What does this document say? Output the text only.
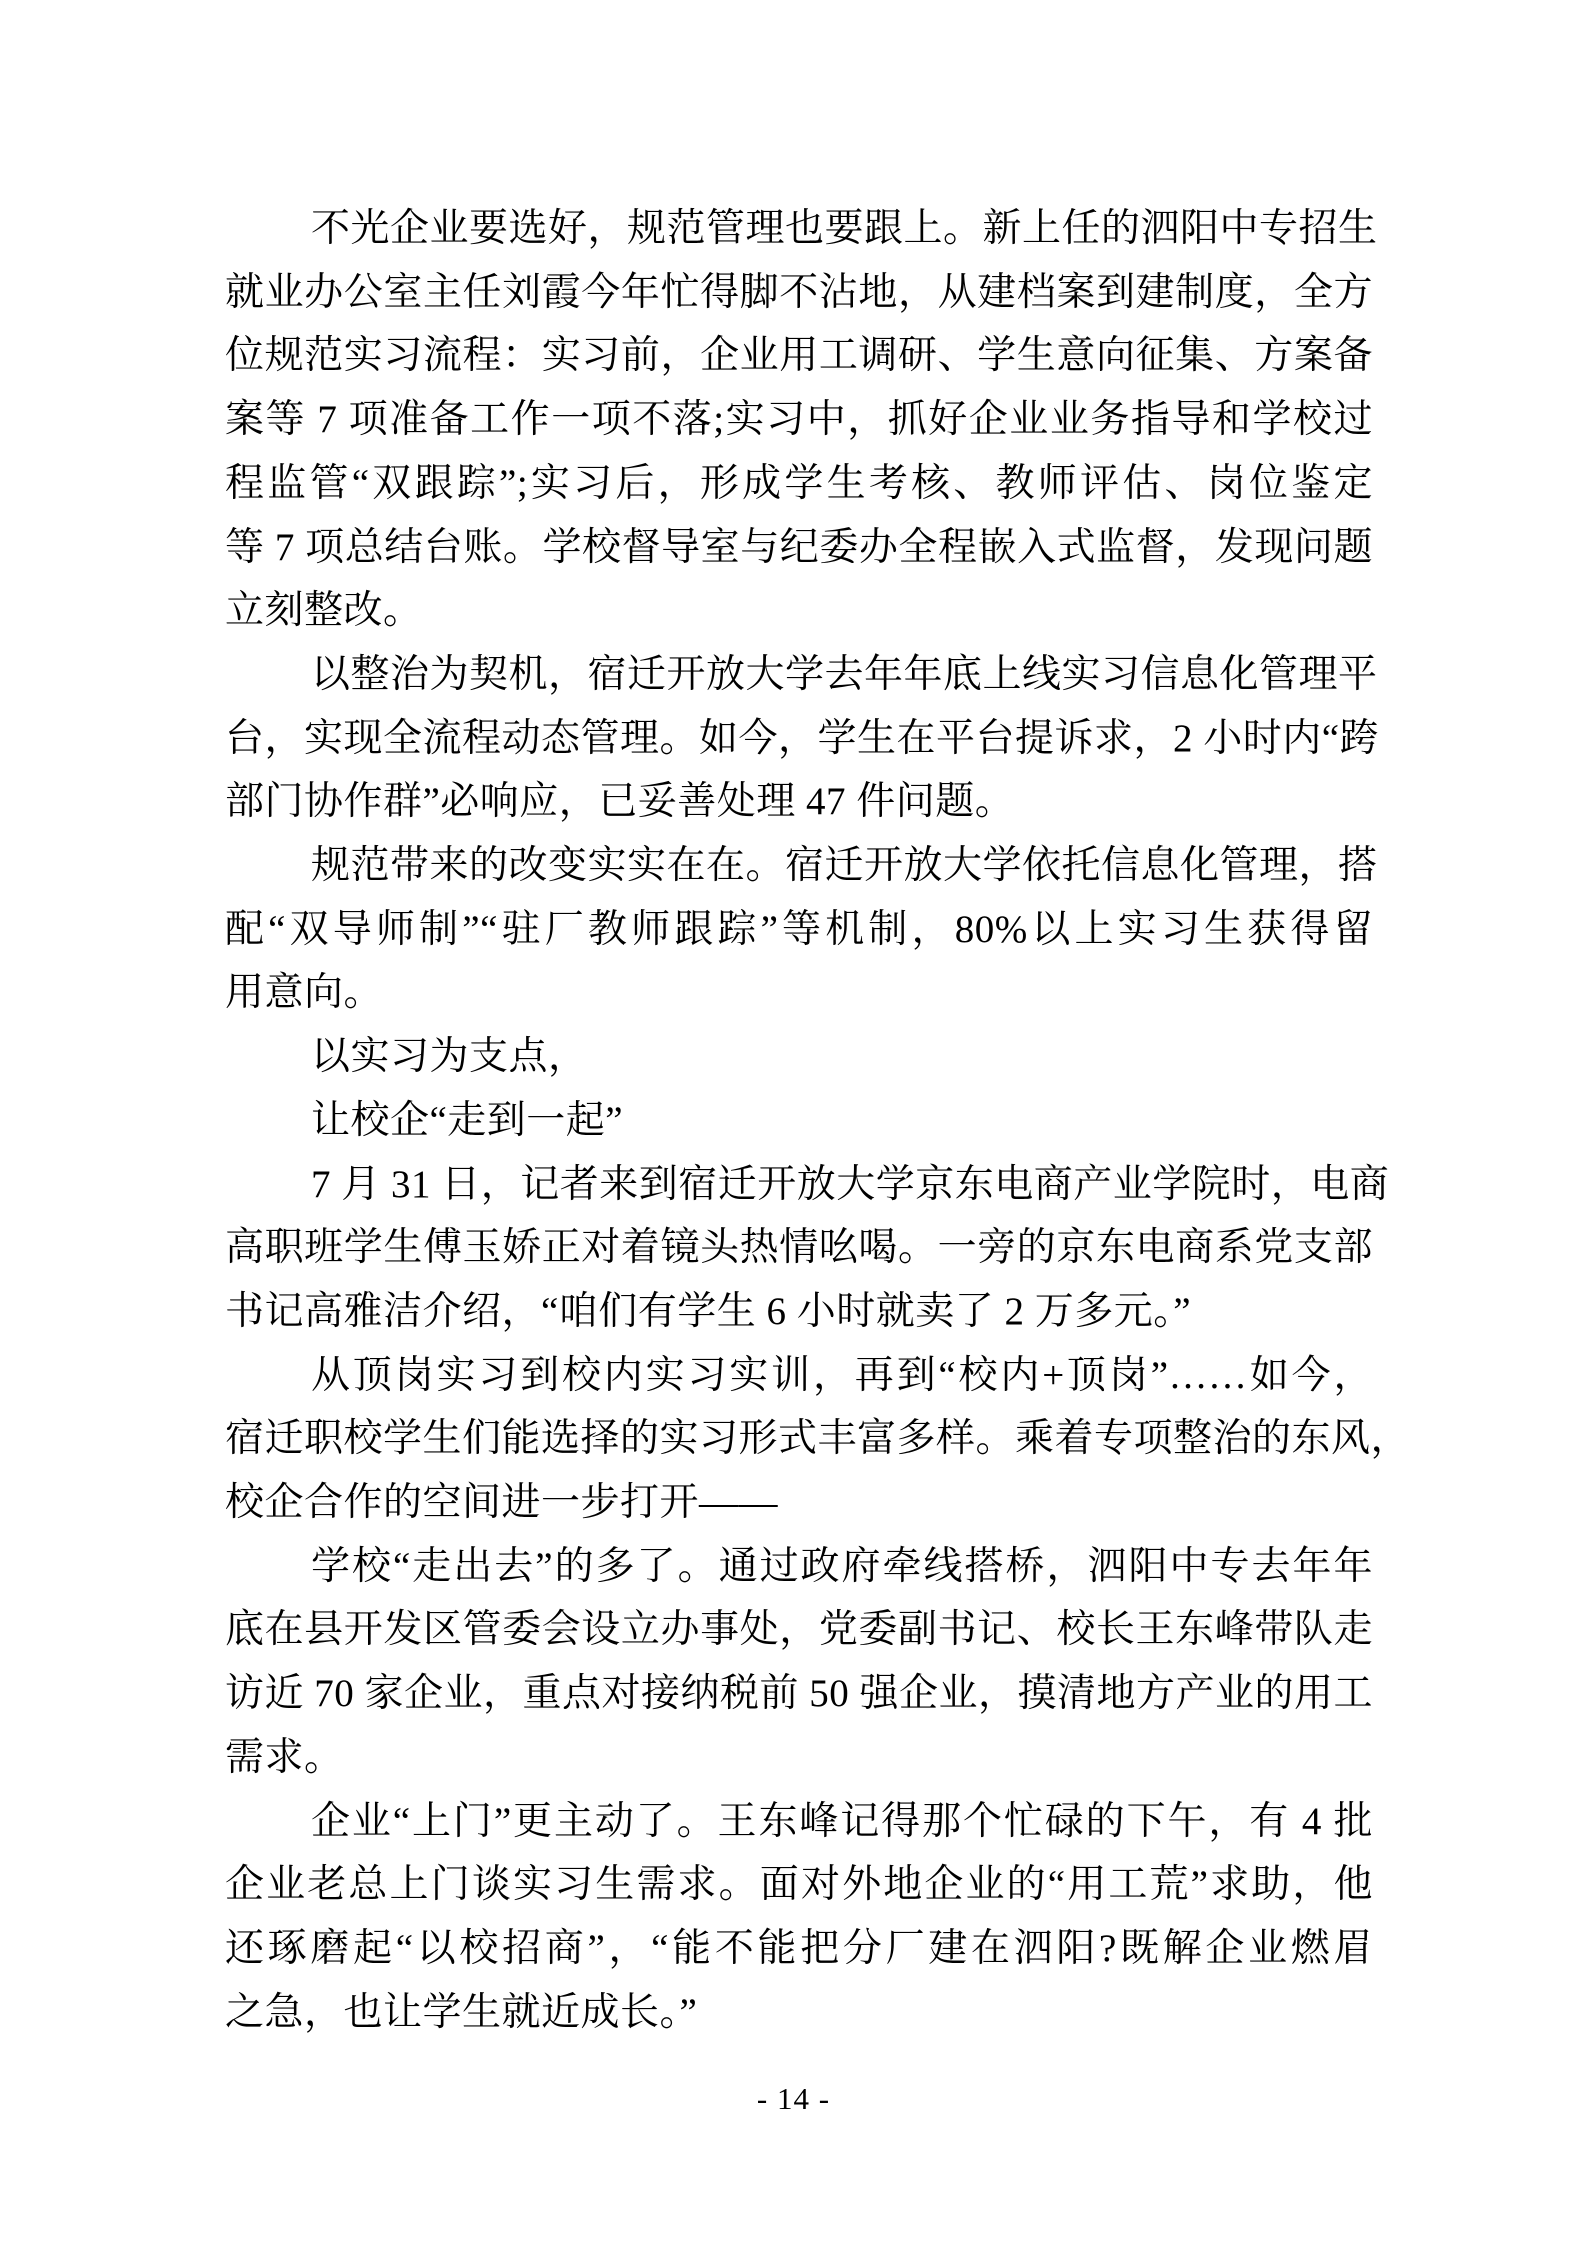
不光企业要选好，规范管理也要跟上。新上任的泗阳中专招生
就业办公室主任刘霞今年忙得脚不沾地，从建档案到建制度，全方
位规范实习流程：实习前，企业用工调研、学生意向征集、方案备
案等 7 项准备工作一项不落;实习中，抓好企业业务指导和学校过
程监管“双跟踪”;实习后，形成学生考核、教师评估、岗位鉴定
等 7 项总结台账。学校督导室与纪委办全程嵌入式监督，发现问题
立刻整改。
以整治为契机，宿迁开放大学去年年底上线实习信息化管理平
台，实现全流程动态管理。如今，学生在平台提诉求，2 小时内“跨
部门协作群”必响应，已妥善处理 47 件问题。
规范带来的改变实实在在。宿迁开放大学依托信息化管理，搭
配“双导师制”“驻厂教师跟踪”等机制，80%以上实习生获得留
用意向。
以实习为支点，
让校企“走到一起”
7 月 31 日，记者来到宿迁开放大学京东电商产业学院时，电商
高职班学生傅玉娇正对着镜头热情吆喝。一旁的京东电商系党支部
书记高雅洁介绍，“咱们有学生 6 小时就卖了 2 万多元。”
从顶岗实习到校内实习实训，再到“校内+顶岗”……如今，
宿迁职校学生们能选择的实习形式丰富多样。乘着专项整治的东风，
校企合作的空间进一步打开——
学校“走出去”的多了。通过政府牵线搭桥，泗阳中专去年年
底在县开发区管委会设立办事处，党委副书记、校长王东峰带队走
访近 70 家企业，重点对接纳税前 50 强企业，摸清地方产业的用工
需求。
企业“上门”更主动了。王东峰记得那个忙碌的下午，有 4 批
企业老总上门谈实习生需求。面对外地企业的“用工荒”求助，他
还琢磨起“以校招商”，“能不能把分厂建在泗阳?既解企业燃眉
之急，也让学生就近成长。”
- 14 -
